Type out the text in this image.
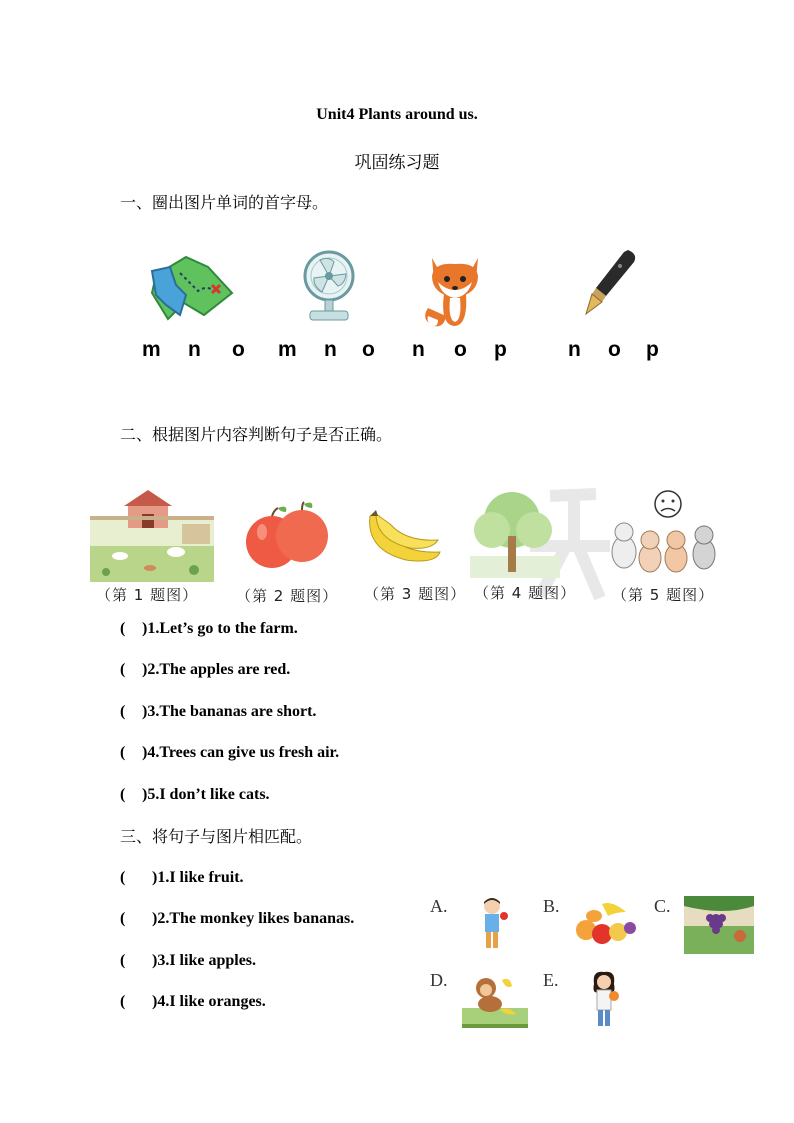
Unit4 Plants around us.
巩固练习题
一、圈出图片单词的首字母。
m n o m n o n o p	n o p
二、根据图片内容判断句子是否正确。
（第 1 题图）	（第 2 题图） （第 3 题图） （第 4 题图） （第 5 题图）
( )1.Let’s go to the farm.
( )2.The apples are red.
( )3.The bananas are short.
( )4.Trees can give us fresh air.
( )5.I don’t like cats.
三、将句子与图片相匹配。
( )1.I like fruit.
( )2.The monkey likes bananas.
( )3.I like apples.
( )4.I like oranges.
A.	B.	C.
D.	E.
